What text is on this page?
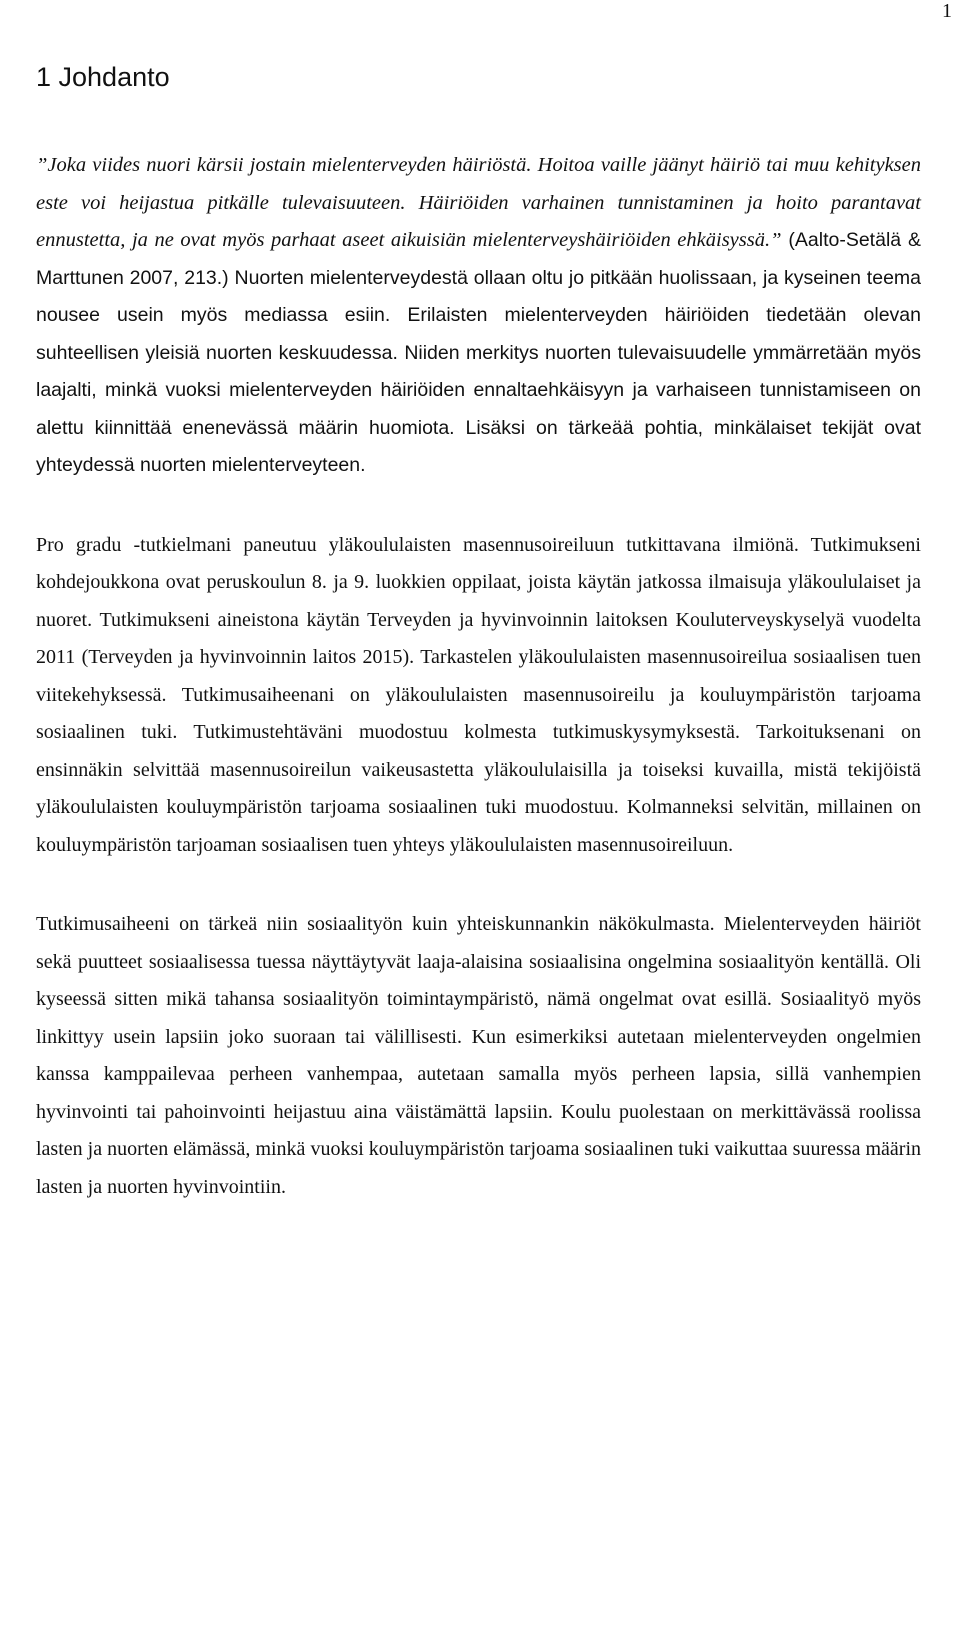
1
1 Johdanto

”Joka viides nuori kärsii jostain mielenterveyden häiriöstä. Hoitoa vaille jäänyt häiriö tai muu kehityksen este voi heijastua pitkälle tulevaisuuteen. Häiriöiden varhainen tunnistaminen ja hoito parantavat ennustetta, ja ne ovat myös parhaat aseet aikuisiän mielenterveyshäiriöiden ehkäisyssä.” (Aalto-Setälä & Marttunen 2007, 213.) Nuorten mielenterveydestä ollaan oltu jo pitkään huolissaan, ja kyseinen teema nousee usein myös mediassa esiin. Erilaisten mielenterveyden häiriöiden tiedetään olevan suhteellisen yleisiä nuorten keskuudessa. Niiden merkitys nuorten tulevaisuudelle ymmärretään myös laajalti, minkä vuoksi mielenterveyden häiriöiden ennaltaehkäisyyn ja varhaiseen tunnistamiseen on alettu kiinnittää enenevässä määrin huomiota. Lisäksi on tärkeää pohtia, minkälaiset tekijät ovat yhteydessä nuorten mielenterveyteen.

Pro gradu -tutkielmani paneutuu yläkoululaisten masennusoireiluun tutkittavana ilmiönä. Tutkimukseni kohdejoukkona ovat peruskoulun 8. ja 9. luokkien oppilaat, joista käytän jatkossa ilmaisuja yläkoululaiset ja nuoret. Tutkimukseni aineistona käytän Terveyden ja hyvinvoinnin laitoksen Kouluterveyskyselyä vuodelta 2011 (Terveyden ja hyvinvoinnin laitos 2015). Tarkastelen yläkoululaisten masennusoireilua sosiaalisen tuen viitekehyksessä. Tutkimusaiheenani on yläkoululaisten masennusoireilu ja kouluympäristön tarjoama sosiaalinen tuki. Tutkimustehtäväni muodostuu kolmesta tutkimuskysymyksestä. Tarkoituksenani on ensinnäkin selvittää masennusoireilun vaikeusastetta yläkoululaisilla ja toiseksi kuvailla, mistä tekijöistä yläkoululaisten kouluympäristön tarjoama sosiaalinen tuki muodostuu. Kolmanneksi selvitän, millainen on kouluympäristön tarjoaman sosiaalisen tuen yhteys yläkoululaisten masennusoireiluun.

Tutkimusaiheeni on tärkeä niin sosiaalityön kuin yhteiskunnankin näkökulmasta. Mielenterveyden häiriöt sekä puutteet sosiaalisessa tuessa näyttäytyvät laaja-alaisina sosiaalisina ongelmina sosiaalityön kentällä. Oli kyseessä sitten mikä tahansa sosiaalityön toimintaympäristö, nämä ongelmat ovat esillä. Sosiaalityö myös linkittyy usein lapsiin joko suoraan tai välillisesti. Kun esimerkiksi autetaan mielenterveyden ongelmien kanssa kamppailevaa perheen vanhempaa, autetaan samalla myös perheen lapsia, sillä vanhempien hyvinvointi tai pahoinvointi heijastuu aina väistämättä lapsiin. Koulu puolestaan on merkittävässä roolissa lasten ja nuorten elämässä, minkä vuoksi kouluympäristön tarjoama sosiaalinen tuki vaikuttaa suuressa määrin lasten ja nuorten hyvinvointiin.
